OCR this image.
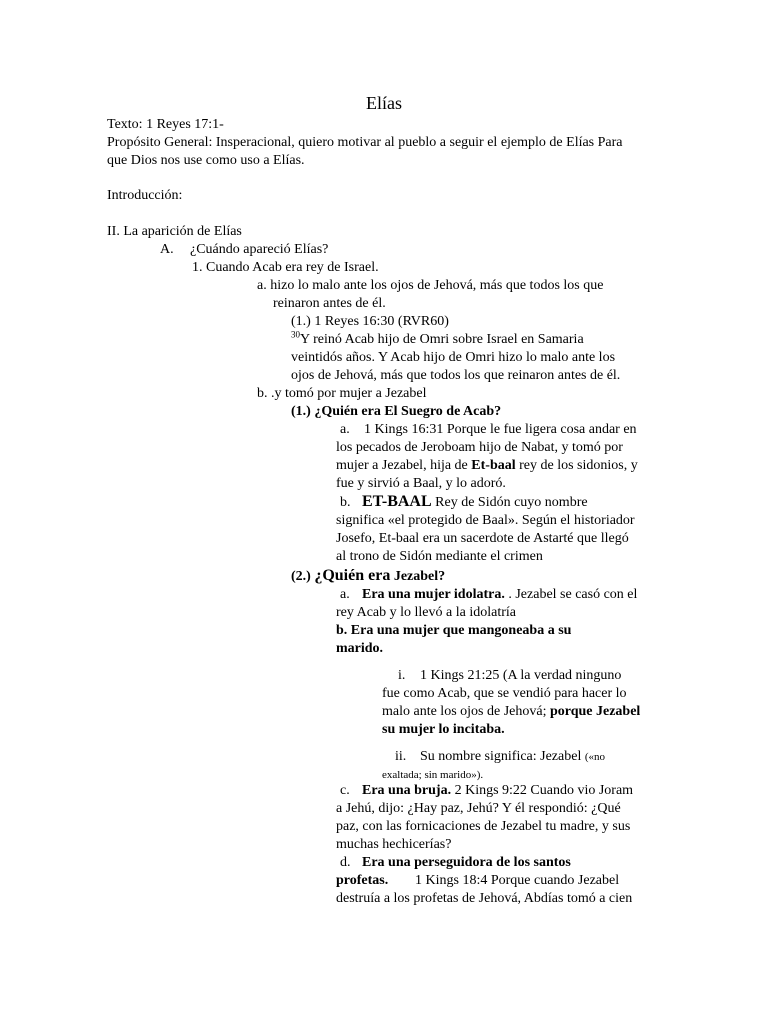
Elías
Texto: 1 Reyes 17:1-
Propósito General: Insperacional, quiero motivar al pueblo a seguir el ejemplo de Elías Para
que Dios nos use como uso a Elías.
Introducción:
II. La aparición de Elías
A. ¿Cuándo apareció Elías?
1. Cuando Acab era rey de Israel.
a. hizo lo malo ante los ojos de Jehová, más que todos los que
reinaron antes de él.
(1.) 1 Reyes 16:30 (RVR60)
$^{30}$Y reinó Acab hijo de Omri sobre Israel en Samaria
veintidós años. Y Acab hijo de Omri hizo lo malo ante los
ojos de Jehová, más que todos los que reinaron antes de él.
b. .y tomó por mujer a Jezabel
(1.) ¿Quién era El Suegro de Acab?
a. 1 Kings 16:31 Porque le fue ligera cosa andar en
los pecados de Jeroboam hijo de Nabat, y tomó por
mujer a Jezabel, hija de Et-baal rey de los sidonios, y
fue y sirvió a Baal, y lo adoró.
b. ET-BAAL Rey de Sidón cuyo nombre
significa «el protegido de Baal». Según el historiador
Josefo, Et-baal era un sacerdote de Astarté que llegó
al trono de Sidón mediante el crimen
(2.) ¿Quién era Jezabel?
a. Era una mujer idolatra. . Jezabel se casó con el
rey Acab y lo llevó a la idolatría
b. Era una mujer que mangoneaba a su
marido.
i. 1 Kings 21:25 (A la verdad ninguno
fue como Acab, que se vendió para hacer lo
malo ante los ojos de Jehová; porque Jezabel
su mujer lo incitaba.
ii. Su nombre significa: Jezabel («no
exaltada; sin marido»).
c. Era una bruja. 2 Kings 9:22 Cuando vio Joram
a Jehú, dijo: ¿Hay paz, Jehú? Y él respondió: ¿Qué
paz, con las fornicaciones de Jezabel tu madre, y sus
muchas hechicerías?
d. Era una perseguidora de los santos
profetas. 1 Kings 18:4 Porque cuando Jezabel
destruía a los profetas de Jehová, Abdías tomó a cien
